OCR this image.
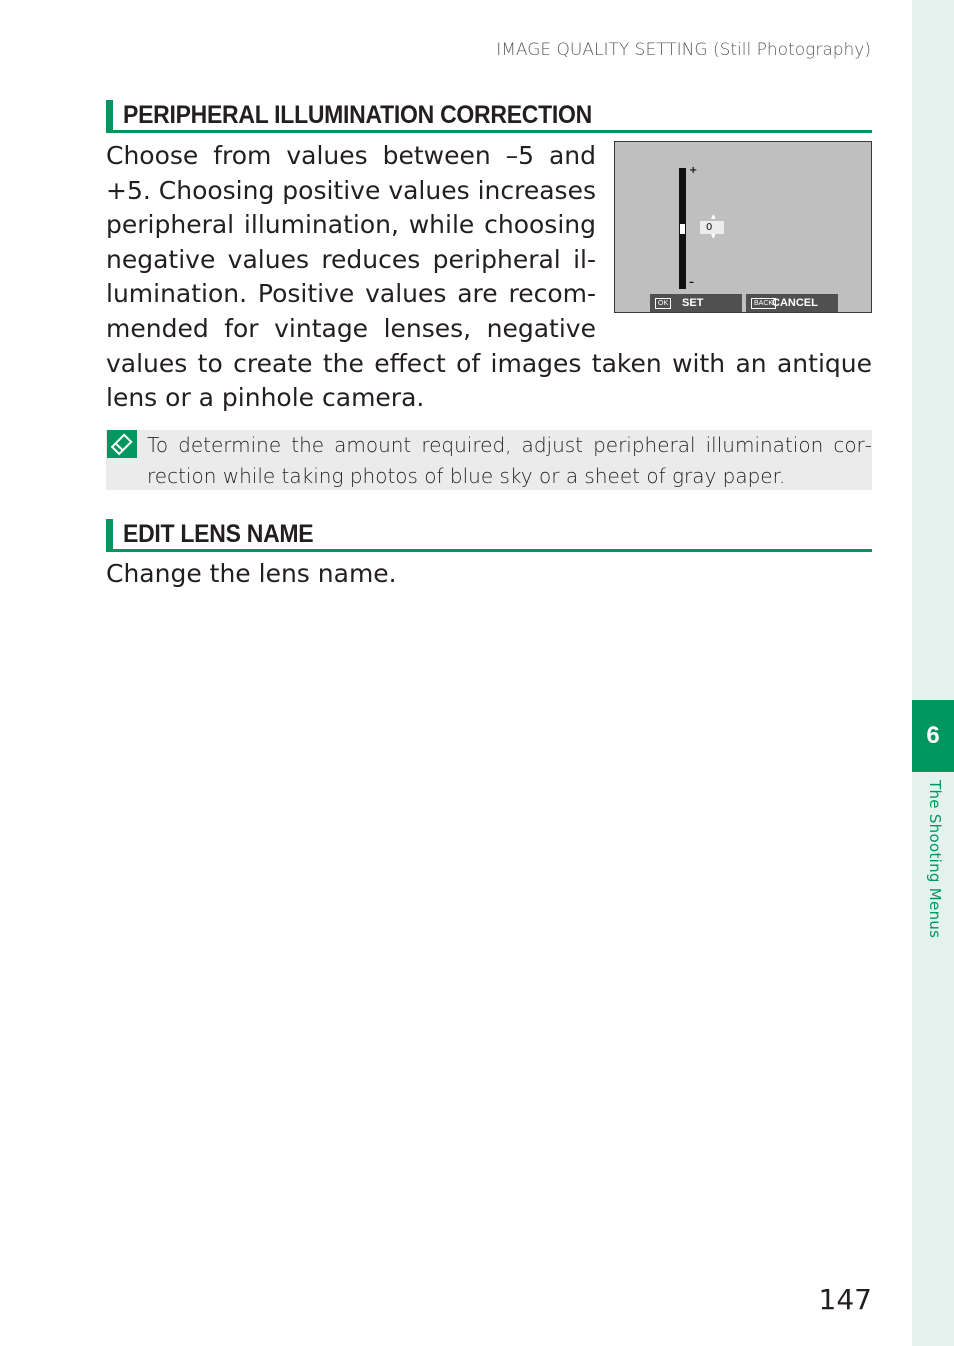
6
The Shooting Menus
IMAGE QUALITY SETTING (Still Photography)
PERIPHERAL ILLUMINATION CORRECTION
+
–
▲
0
▼
OK SET	BACK
CANCEL
Choose from values between –5 and +5. Choosing positive values increases peripheral illumination, while choosing negative values reduces peripheral illumination. Positive values are recommended for vintage lenses, negative values to create the effect of images taken with an antique lens or a pinhole camera.
To determine the amount required, adjust peripheral illumination correction while taking photos of blue sky or a sheet of gray paper.
EDIT LENS NAME
Change the lens name.
147
